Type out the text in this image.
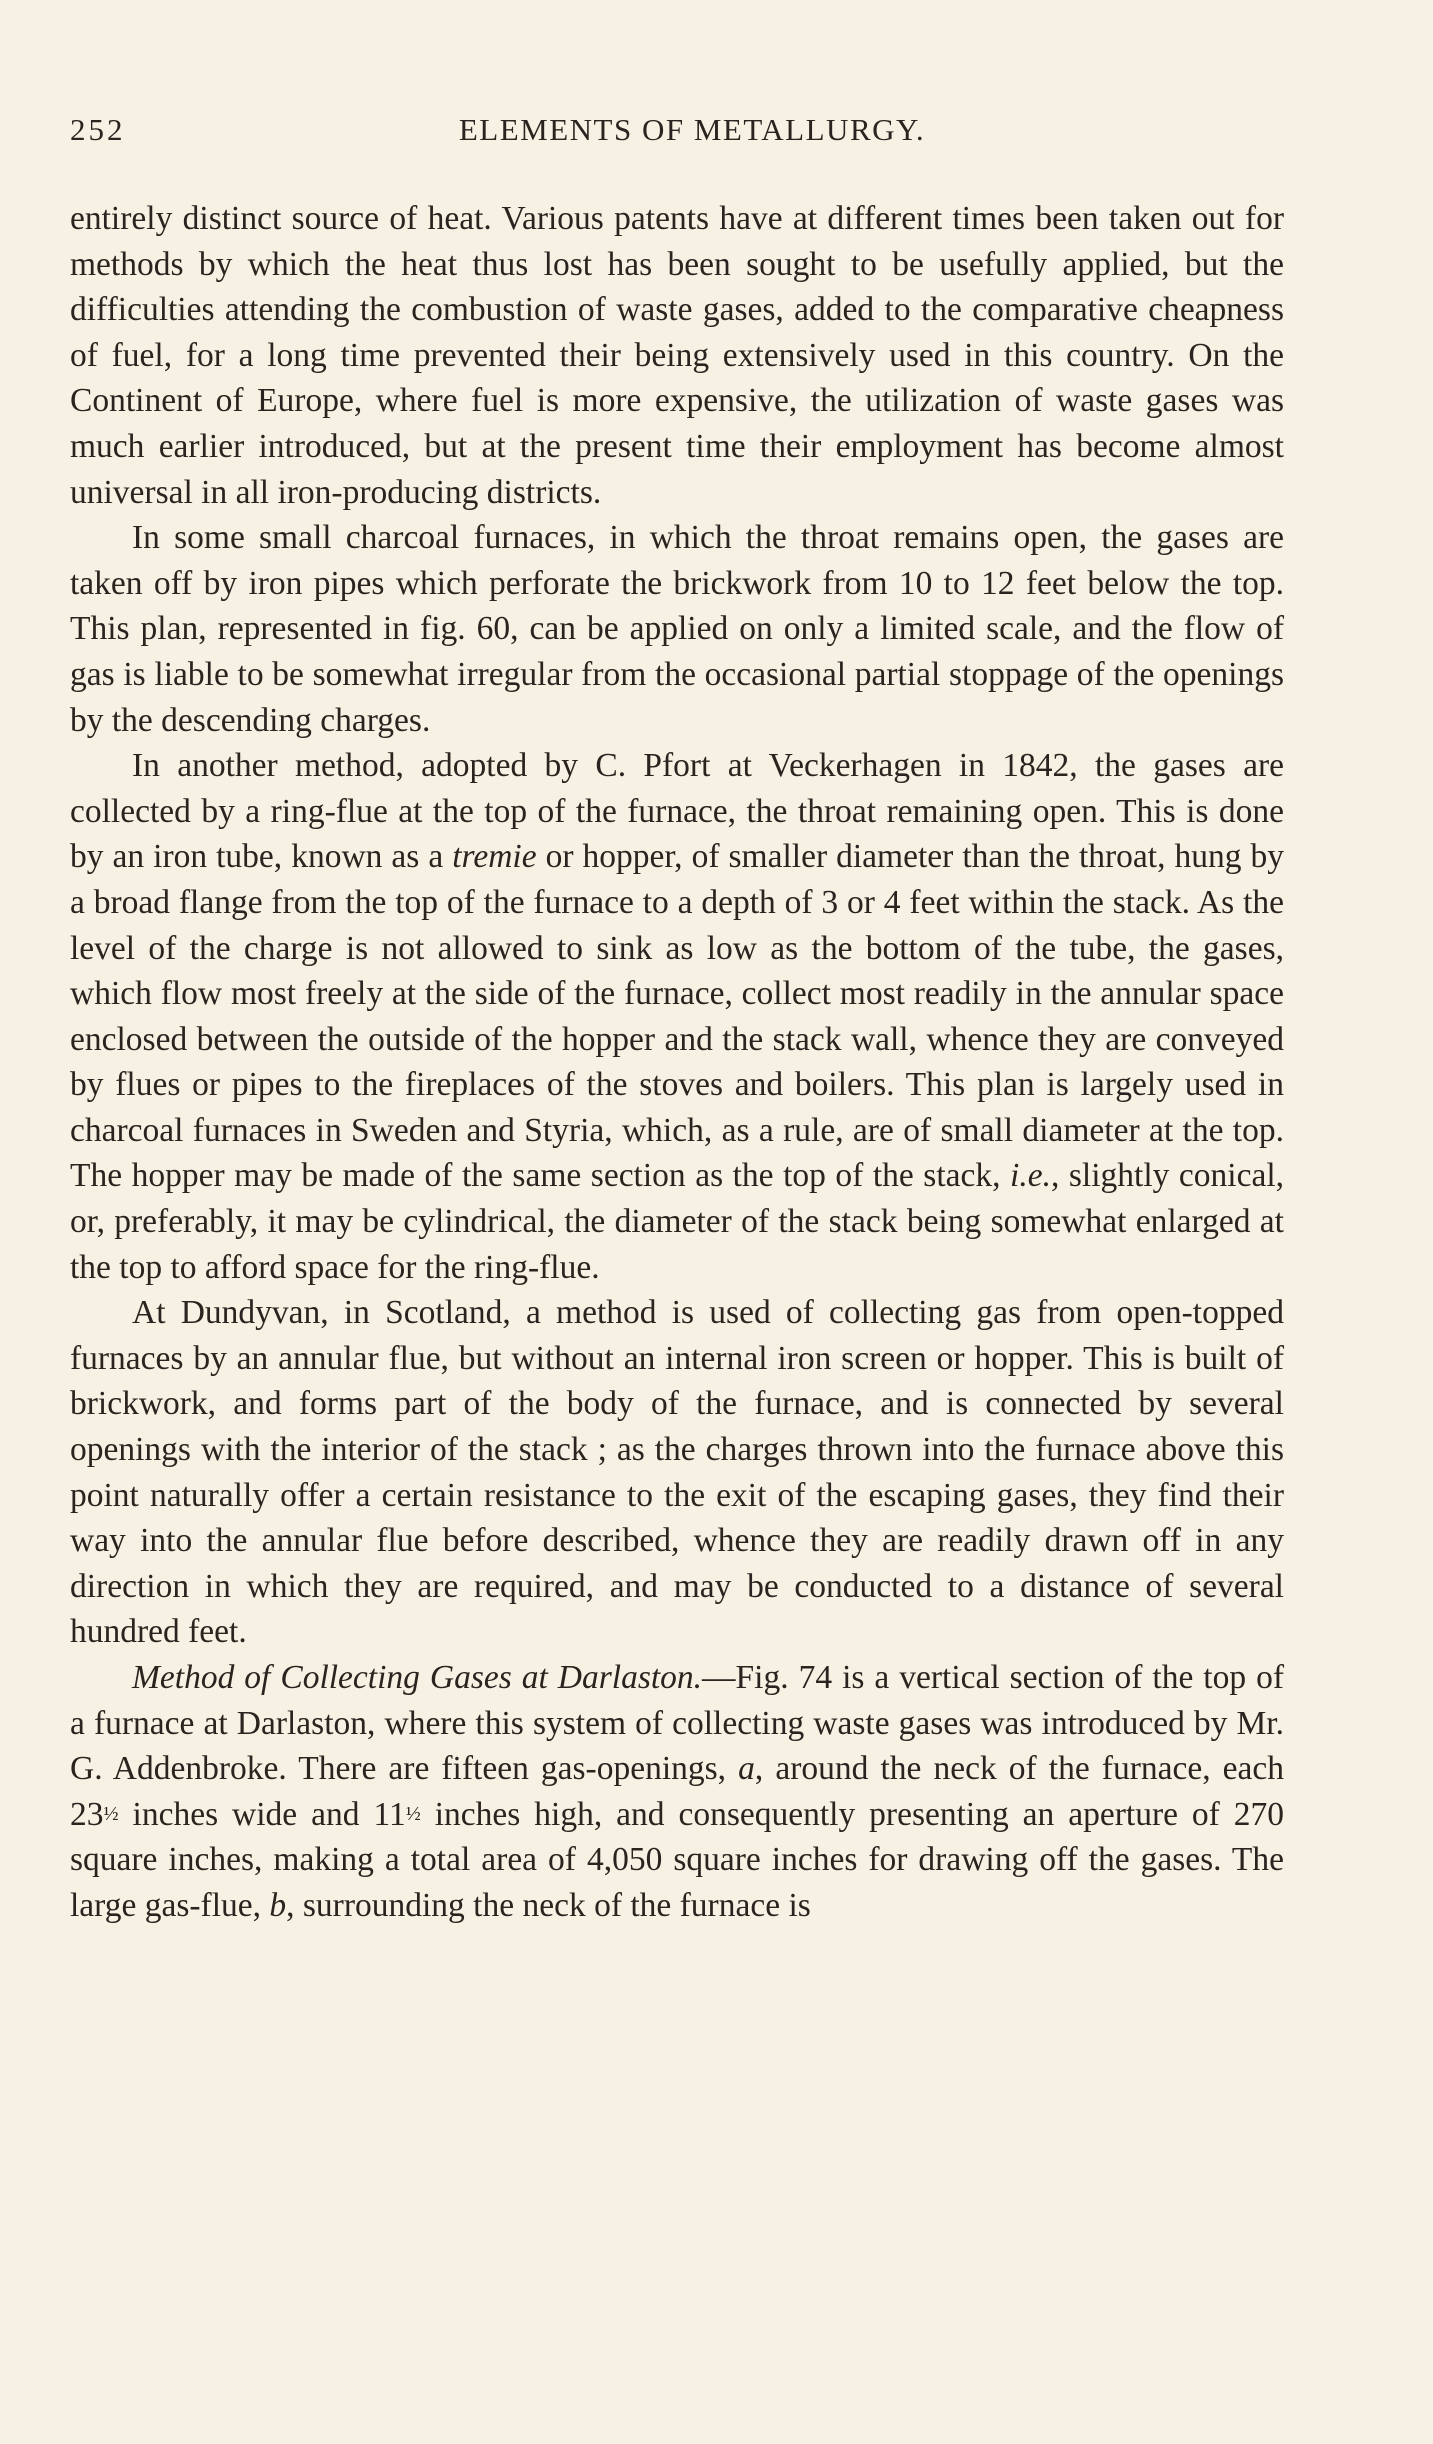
252	ELEMENTS OF METALLURGY.

entirely distinct source of heat. Various patents have at different times been taken out for methods by which the heat thus lost has been sought to be usefully applied, but the difficulties attending the combustion of waste gases, added to the comparative cheapness of fuel, for a long time prevented their being extensively used in this country. On the Continent of Europe, where fuel is more expensive, the utilization of waste gases was much earlier introduced, but at the present time their employment has become almost universal in all iron-producing districts.

In some small charcoal furnaces, in which the throat remains open, the gases are taken off by iron pipes which perforate the brickwork from 10 to 12 feet below the top. This plan, represented in fig. 60, can be applied on only a limited scale, and the flow of gas is liable to be somewhat irregular from the occasional partial stoppage of the openings by the descending charges.

In another method, adopted by C. Pfort at Veckerhagen in 1842, the gases are collected by a ring-flue at the top of the furnace, the throat remaining open. This is done by an iron tube, known as a tremie or hopper, of smaller diameter than the throat, hung by a broad flange from the top of the furnace to a depth of 3 or 4 feet within the stack. As the level of the charge is not allowed to sink as low as the bottom of the tube, the gases, which flow most freely at the side of the furnace, collect most readily in the annular space enclosed between the outside of the hopper and the stack wall, whence they are conveyed by flues or pipes to the fireplaces of the stoves and boilers. This plan is largely used in charcoal furnaces in Sweden and Styria, which, as a rule, are of small diameter at the top. The hopper may be made of the same section as the top of the stack, i.e., slightly conical, or, preferably, it may be cylindrical, the diameter of the stack being somewhat enlarged at the top to afford space for the ring-flue.

At Dundyvan, in Scotland, a method is used of collecting gas from open-topped furnaces by an annular flue, but without an internal iron screen or hopper. This is built of brickwork, and forms part of the body of the furnace, and is connected by several openings with the interior of the stack ; as the charges thrown into the furnace above this point naturally offer a certain resistance to the exit of the escaping gases, they find their way into the annular flue before described, whence they are readily drawn off in any direction in which they are required, and may be conducted to a distance of several hundred feet.

Method of Collecting Gases at Darlaston.—Fig. 74 is a vertical section of the top of a furnace at Darlaston, where this system of collecting waste gases was introduced by Mr. G. Addenbroke. There are fifteen gas-openings, a, around the neck of the furnace, each 23½ inches wide and 11½ inches high, and consequently presenting an aperture of 270 square inches, making a total area of 4,050 square inches for drawing off the gases. The large gas-flue, b, surrounding the neck of the furnace is
